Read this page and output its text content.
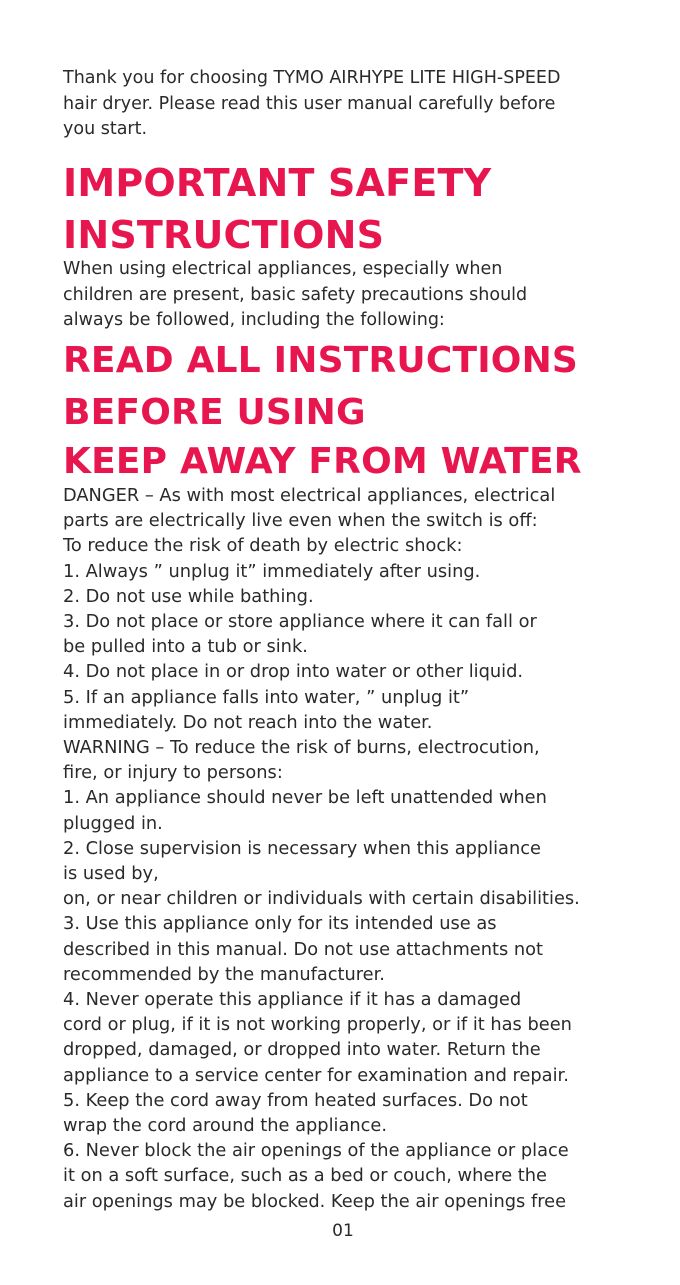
Thank you for choosing TYMO AIRHYPE LITE HIGH-SPEED
hair dryer. Please read this user manual carefully before
you start.

IMPORTANT SAFETY
INSTRUCTIONS

When using electrical appliances, especially when
children are present, basic safety precautions should
always be followed, including the following:

READ ALL INSTRUCTIONS
BEFORE USING
KEEP AWAY FROM WATER

DANGER – As with most electrical appliances, electrical
parts are electrically live even when the switch is off:
To reduce the risk of death by electric shock:
1. Always ” unplug it” immediately after using.
2. Do not use while bathing.
3. Do not place or store appliance where it can fall or
be pulled into a tub or sink.
4. Do not place in or drop into water or other liquid.
5. If an appliance falls into water, ” unplug it”
immediately. Do not reach into the water.
WARNING – To reduce the risk of burns, electrocution,
fire, or injury to persons:
1. An appliance should never be left unattended when
plugged in.
2. Close supervision is necessary when this appliance
is used by,
on, or near children or individuals with certain disabilities.
3. Use this appliance only for its intended use as
described in this manual. Do not use attachments not
recommended by the manufacturer.
4. Never operate this appliance if it has a damaged
cord or plug, if it is not working properly, or if it has been
dropped, damaged, or dropped into water. Return the
appliance to a service center for examination and repair.
5. Keep the cord away from heated surfaces. Do not
wrap the cord around the appliance.
6. Never block the air openings of the appliance or place
it on a soft surface, such as a bed or couch, where the
air openings may be blocked. Keep the air openings free

01
